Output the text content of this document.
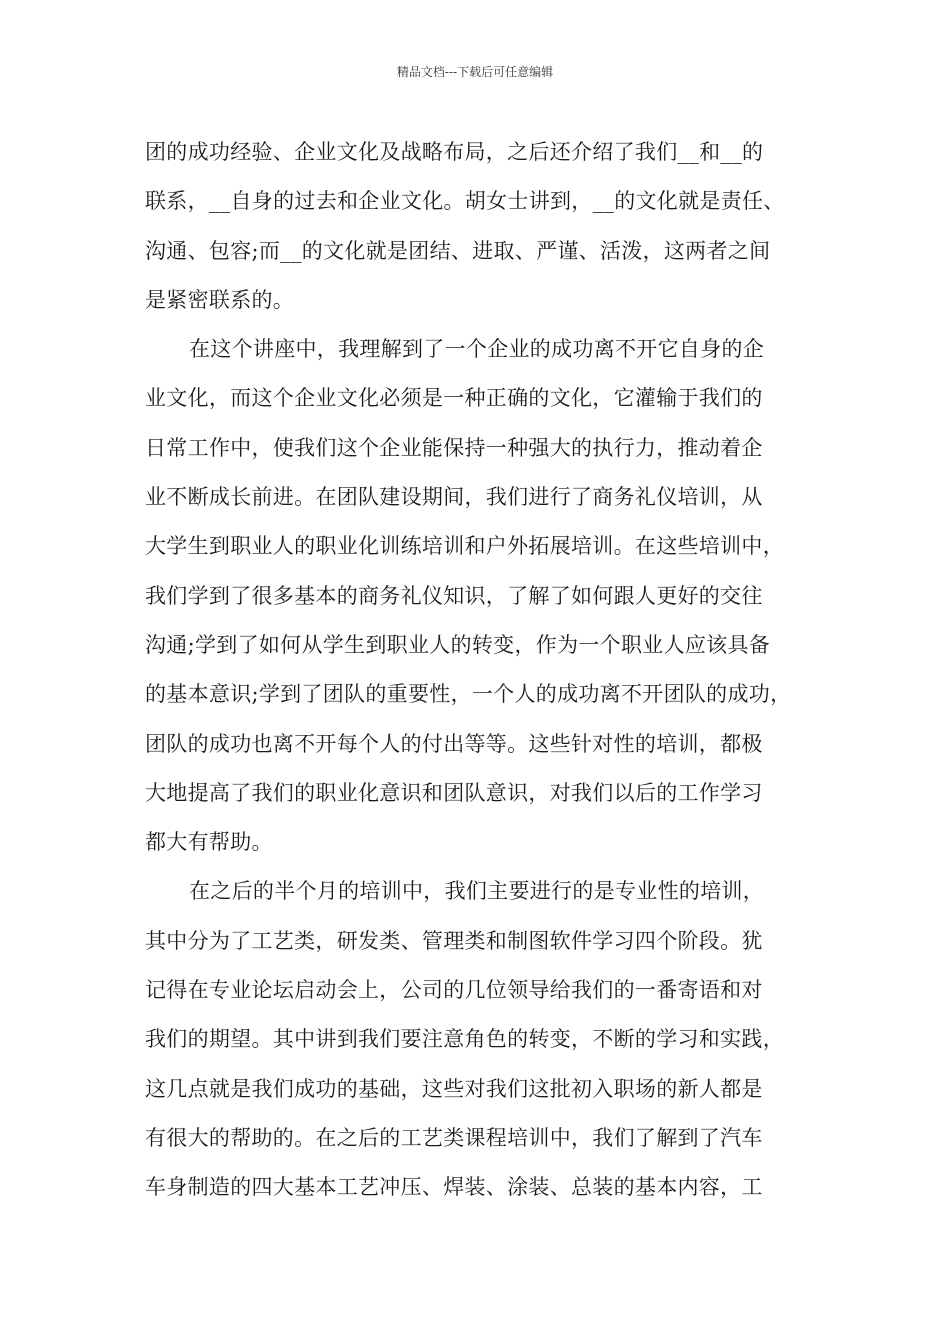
精品文档---下载后可任意编辑
团的成功经验、企业文化及战略布局，之后还介绍了我们__和__的
联系，__自身的过去和企业文化。胡女士讲到，__的文化就是责任、
沟通、包容;而__的文化就是团结、进取、严谨、活泼，这两者之间
是紧密联系的。
在这个讲座中，我理解到了一个企业的成功离不开它自身的企
业文化，而这个企业文化必须是一种正确的文化，它灌输于我们的
日常工作中，使我们这个企业能保持一种强大的执行力，推动着企
业不断成长前进。在团队建设期间，我们进行了商务礼仪培训，从
大学生到职业人的职业化训练培训和户外拓展培训。在这些培训中，
我们学到了很多基本的商务礼仪知识，了解了如何跟人更好的交往
沟通;学到了如何从学生到职业人的转变，作为一个职业人应该具备
的基本意识;学到了团队的重要性，一个人的成功离不开团队的成功，
团队的成功也离不开每个人的付出等等。这些针对性的培训，都极
大地提高了我们的职业化意识和团队意识，对我们以后的工作学习
都大有帮助。
在之后的半个月的培训中，我们主要进行的是专业性的培训，
其中分为了工艺类，研发类、管理类和制图软件学习四个阶段。犹
记得在专业论坛启动会上，公司的几位领导给我们的一番寄语和对
我们的期望。其中讲到我们要注意角色的转变，不断的学习和实践，
这几点就是我们成功的基础，这些对我们这批初入职场的新人都是
有很大的帮助的。在之后的工艺类课程培训中，我们了解到了汽车
车身制造的四大基本工艺冲压、焊装、涂装、总装的基本内容，工
